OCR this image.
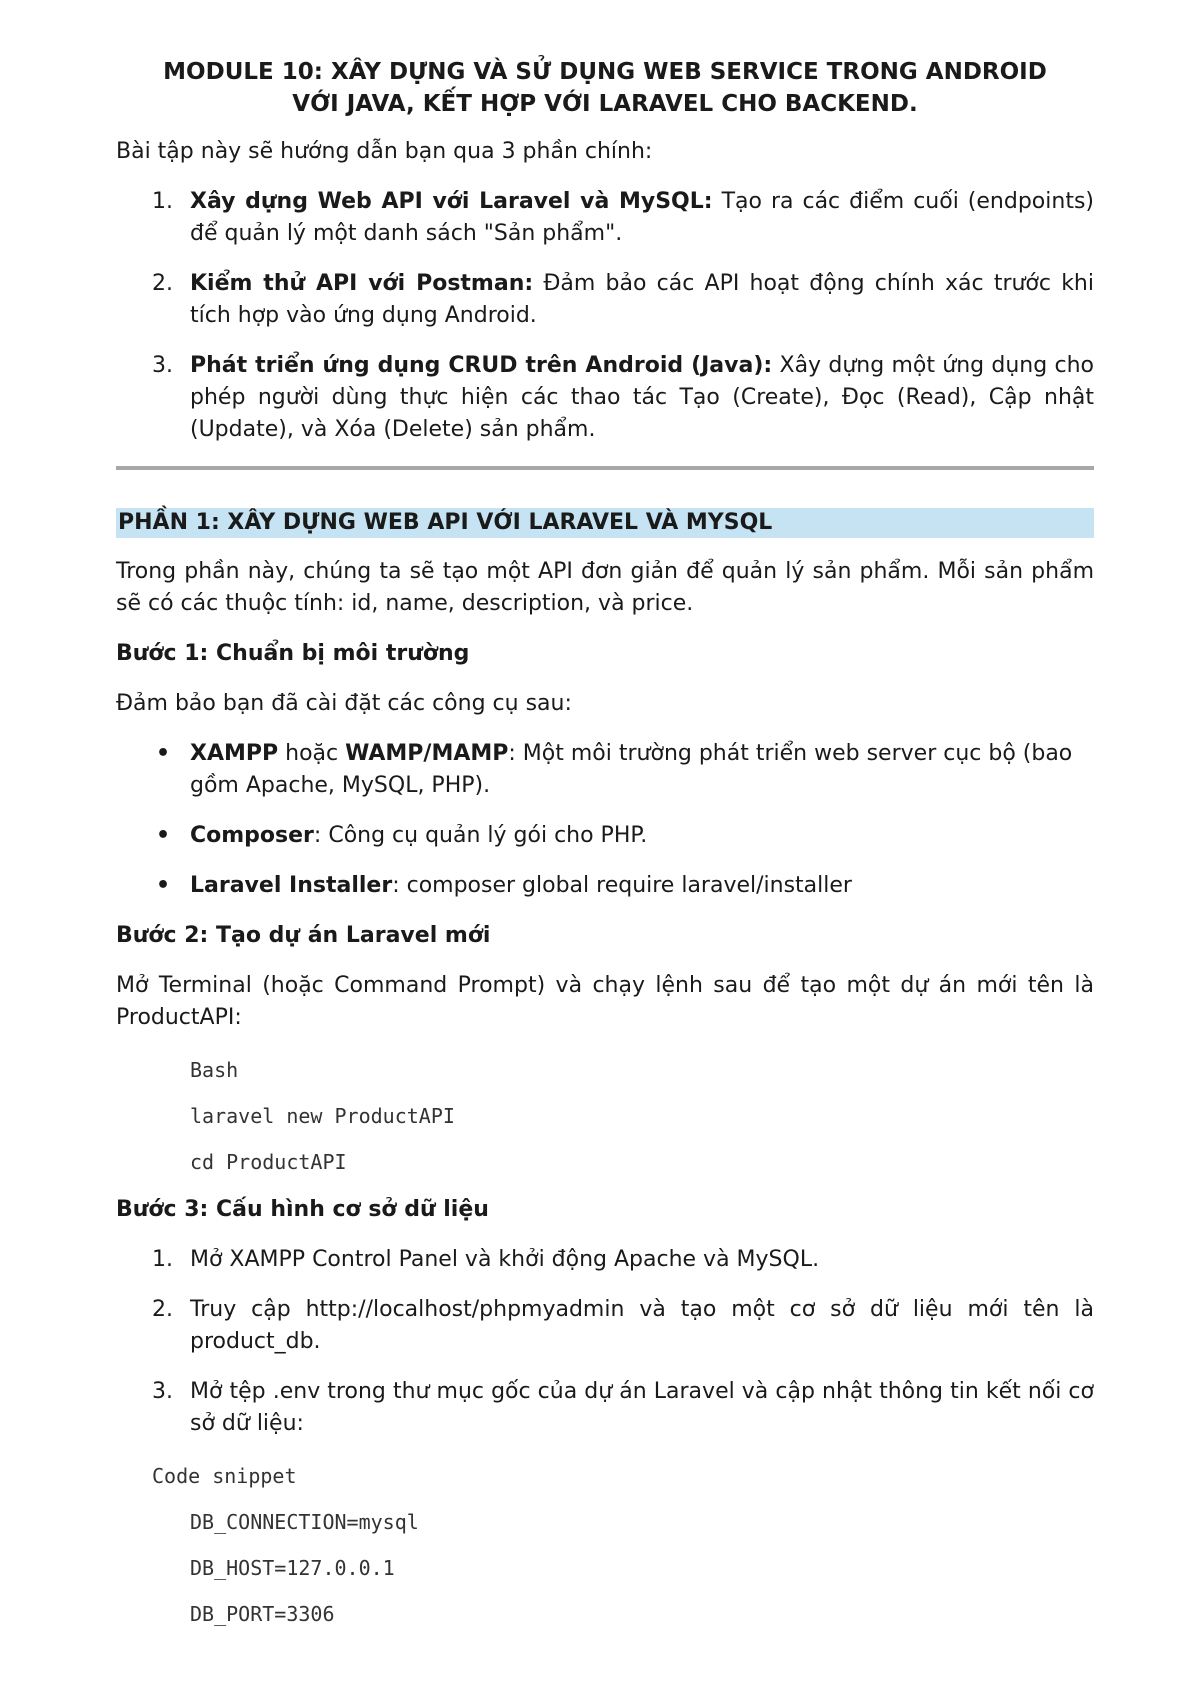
MODULE 10: XÂY DỰNG VÀ SỬ DỤNG WEB SERVICE TRONG ANDROID
VỚI JAVA, KẾT HỢP VỚI LARAVEL CHO BACKEND.

Bài tập này sẽ hướng dẫn bạn qua 3 phần chính:

1. Xây dựng Web API với Laravel và MySQL: Tạo ra các điểm cuối (endpoints) để quản lý một danh sách "Sản phẩm".
2. Kiểm thử API với Postman: Đảm bảo các API hoạt động chính xác trước khi tích hợp vào ứng dụng Android.
3. Phát triển ứng dụng CRUD trên Android (Java): Xây dựng một ứng dụng cho phép người dùng thực hiện các thao tác Tạo (Create), Đọc (Read), Cập nhật (Update), và Xóa (Delete) sản phẩm.
PHẦN 1: XÂY DỰNG WEB API VỚI LARAVEL VÀ MYSQL

Trong phần này, chúng ta sẽ tạo một API đơn giản để quản lý sản phẩm. Mỗi sản phẩm sẽ có các thuộc tính: id, name, description, và price.

Bước 1: Chuẩn bị môi trường

Đảm bảo bạn đã cài đặt các công cụ sau:

• XAMPP hoặc WAMP/MAMP: Một môi trường phát triển web server cục bộ (bao gồm Apache, MySQL, PHP).
• Composer: Công cụ quản lý gói cho PHP.
• Laravel Installer: composer global require laravel/installer
Bước 2: Tạo dự án Laravel mới

Mở Terminal (hoặc Command Prompt) và chạy lệnh sau để tạo một dự án mới tên là ProductAPI:

Bash
laravel new ProductAPI
cd ProductAPI
Bước 3: Cấu hình cơ sở dữ liệu
1. Mở XAMPP Control Panel và khởi động Apache và MySQL.
2. Truy cập http://localhost/phpmyadmin và tạo một cơ sở dữ liệu mới tên là product_db.
3. Mở tệp .env trong thư mục gốc của dự án Laravel và cập nhật thông tin kết nối cơ sở dữ liệu:
Code snippet
DB_CONNECTION=mysql
DB_HOST=127.0.0.1
DB_PORT=3306
